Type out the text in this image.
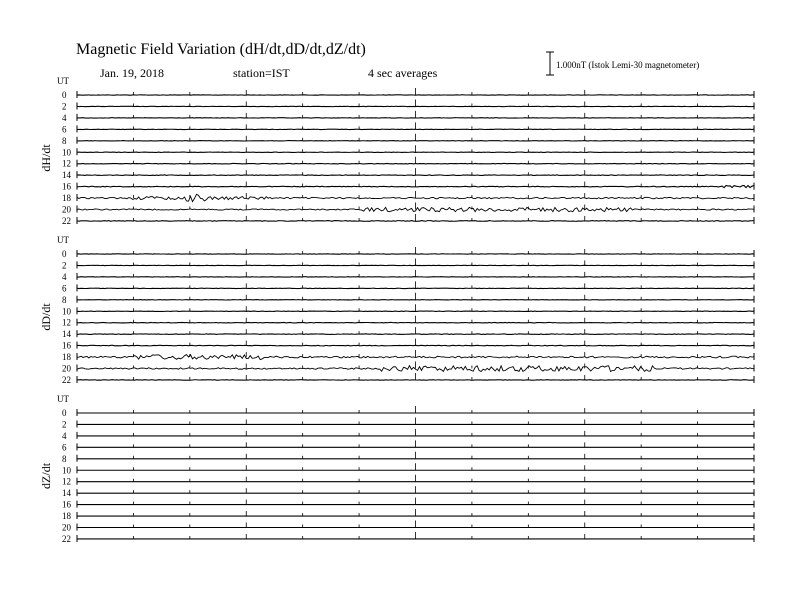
Magnetic Field Variation (dH/dt,dD/dt,dZ/dt)
Jan. 19, 2018	station=IST	4 sec averages
1.000nT (Istok Lemi-30 magnetometer)
UT
dH/dt
0
2
4
6
8
10
12
14
16
18
20
22
UT
dD/dt
0
2
4
6
8
10
12
14
16
18
20
22
UT
dZ/dt
0
2
4
6
8
10
12
14
16
18
20
22
